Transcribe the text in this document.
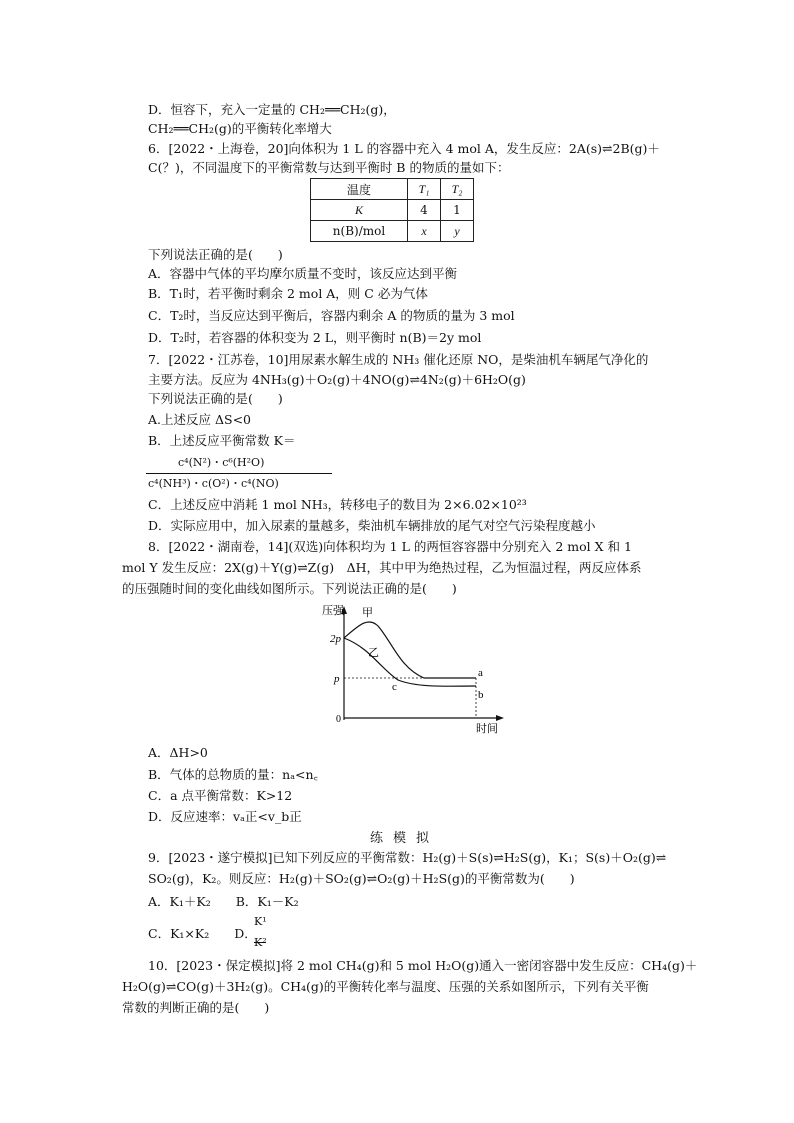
D．恒容下，充入一定量的 CH₂══CH₂(g)，
CH₂══CH₂(g)的平衡转化率增大
6．[2022・上海卷，20]向体积为 1 L 的容器中充入 4 mol A，发生反应：2A(s)⇌2B(g)＋
C(？)，不同温度下的平衡常数与达到平衡时 B 的物质的量如下：
温度	T₁	T₂
K	4	1
n(B)/mol	x	y
下列说法正确的是(　　)
A．容器中气体的平均摩尔质量不变时，该反应达到平衡
B．T₁时，若平衡时剩余 2 mol A，则 C 必为气体
C．T₂时，当反应达到平衡后，容器内剩余 A 的物质的量为 3 mol
D．T₂时，若容器的体积变为 2 L，则平衡时 n(B)＝2y mol
7．[2022・江苏卷，10]用尿素水解生成的 NH₃ 催化还原 NO，是柴油机车辆尾气净化的
主要方法。反应为 4NH₃(g)＋O₂(g)＋4NO(g)⇌4N₂(g)＋6H₂O(g)
下列说法正确的是(　　)
A.上述反应 ΔS<0
B．上述反应平衡常数 K＝
c⁴(N²)・c⁶(H²O)
c⁴(NH³)・c(O²)・c⁴(NO)
C．上述反应中消耗 1 mol NH₃，转移电子的数目为 2×6.02×10²³
D．实际应用中，加入尿素的量越多，柴油机车辆排放的尾气对空气污染程度越小
8．[2022・湖南卷，14](双选)向体积均为 1 L 的两恒容容器中分别充入 2 mol X 和 1
mol Y 发生反应：2X(g)＋Y(g)⇌Z(g)　ΔH，其中甲为绝热过程，乙为恒温过程，两反应体系
的压强随时间的变化曲线如图所示。下列说法正确的是(　　)
压强 甲
乙
2p
p
0
a
b
c
时间
A．ΔH>0
B．气体的总物质的量：nₐ<n꜀
C．a 点平衡常数：K>12
D．反应速率：vₐ正<v_b正
练模拟
9．[2023・遂宁模拟]已知下列反应的平衡常数：H₂(g)＋S(s)⇌H₂S(g)，K₁；S(s)＋O₂(g)⇌
SO₂(g)，K₂。则反应：H₂(g)＋SO₂(g)⇌O₂(g)＋H₂S(g)的平衡常数为(　　)
A．K₁＋K₂　　B．K₁－K₂
C．K₁×K₂　　D．
K¹
K²
10．[2023・保定模拟]将 2 mol CH₄(g)和 5 mol H₂O(g)通入一密闭容器中发生反应：CH₄(g)＋
H₂O(g)⇌CO(g)＋3H₂(g)。CH₄(g)的平衡转化率与温度、压强的关系如图所示，下列有关平衡
常数的判断正确的是(　　)
